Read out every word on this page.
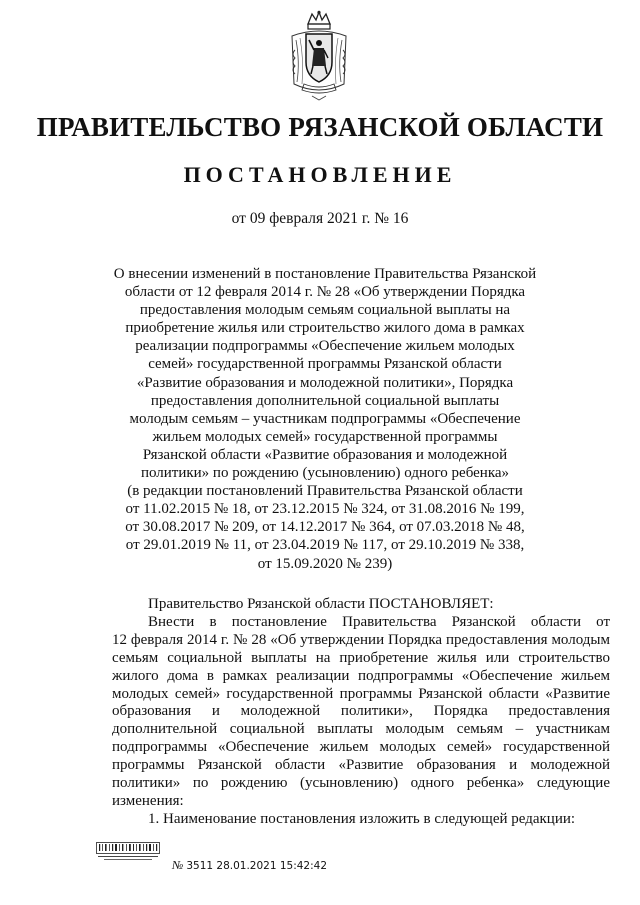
ПРАВИТЕЛЬСТВО РЯЗАНСКОЙ ОБЛАСТИ
ПОСТАНОВЛЕНИЕ
от 09 февраля 2021 г. № 16
О внесении изменений в постановление Правительства Рязанской
области от 12 февраля 2014 г. № 28 «Об утверждении Порядка
предоставления молодым семьям социальной выплаты на
приобретение жилья или строительство жилого дома в рамках
реализации подпрограммы «Обеспечение жильем молодых
семей» государственной программы Рязанской области
«Развитие образования и молодежной политики», Порядка
предоставления дополнительной социальной выплаты
молодым семьям – участникам подпрограммы «Обеспечение
жильем молодых семей» государственной программы
Рязанской области «Развитие образования и молодежной
политики» по рождению (усыновлению) одного ребенка»
(в редакции постановлений Правительства Рязанской области
от 11.02.2015 № 18, от 23.12.2015 № 324, от 31.08.2016 № 199,
от 30.08.2017 № 209, от 14.12.2017 № 364, от 07.03.2018 № 48,
от 29.01.2019 № 11, от 23.04.2019 № 117, от 29.10.2019 № 338,
от 15.09.2020 № 239)
Правительство Рязанской области ПОСТАНОВЛЯЕТ:
Внести в постановление Правительства Рязанской области от
12 февраля 2014 г. № 28 «Об утверждении Порядка предоставления молодым
семьям социальной выплаты на приобретение жилья или строительство
жилого дома в рамках реализации подпрограммы «Обеспечение жильем
молодых семей» государственной программы Рязанской области «Развитие
образования и молодежной политики», Порядка предоставления
дополнительной социальной выплаты молодым семьям – участникам
подпрограммы «Обеспечение жильем молодых семей» государственной
программы Рязанской области «Развитие образования и молодежной
политики» по рождению (усыновлению) одного ребенка» следующие
изменения:
1. Наименование постановления изложить в следующей редакции:
№ 3511 28.01.2021 15:42:42
